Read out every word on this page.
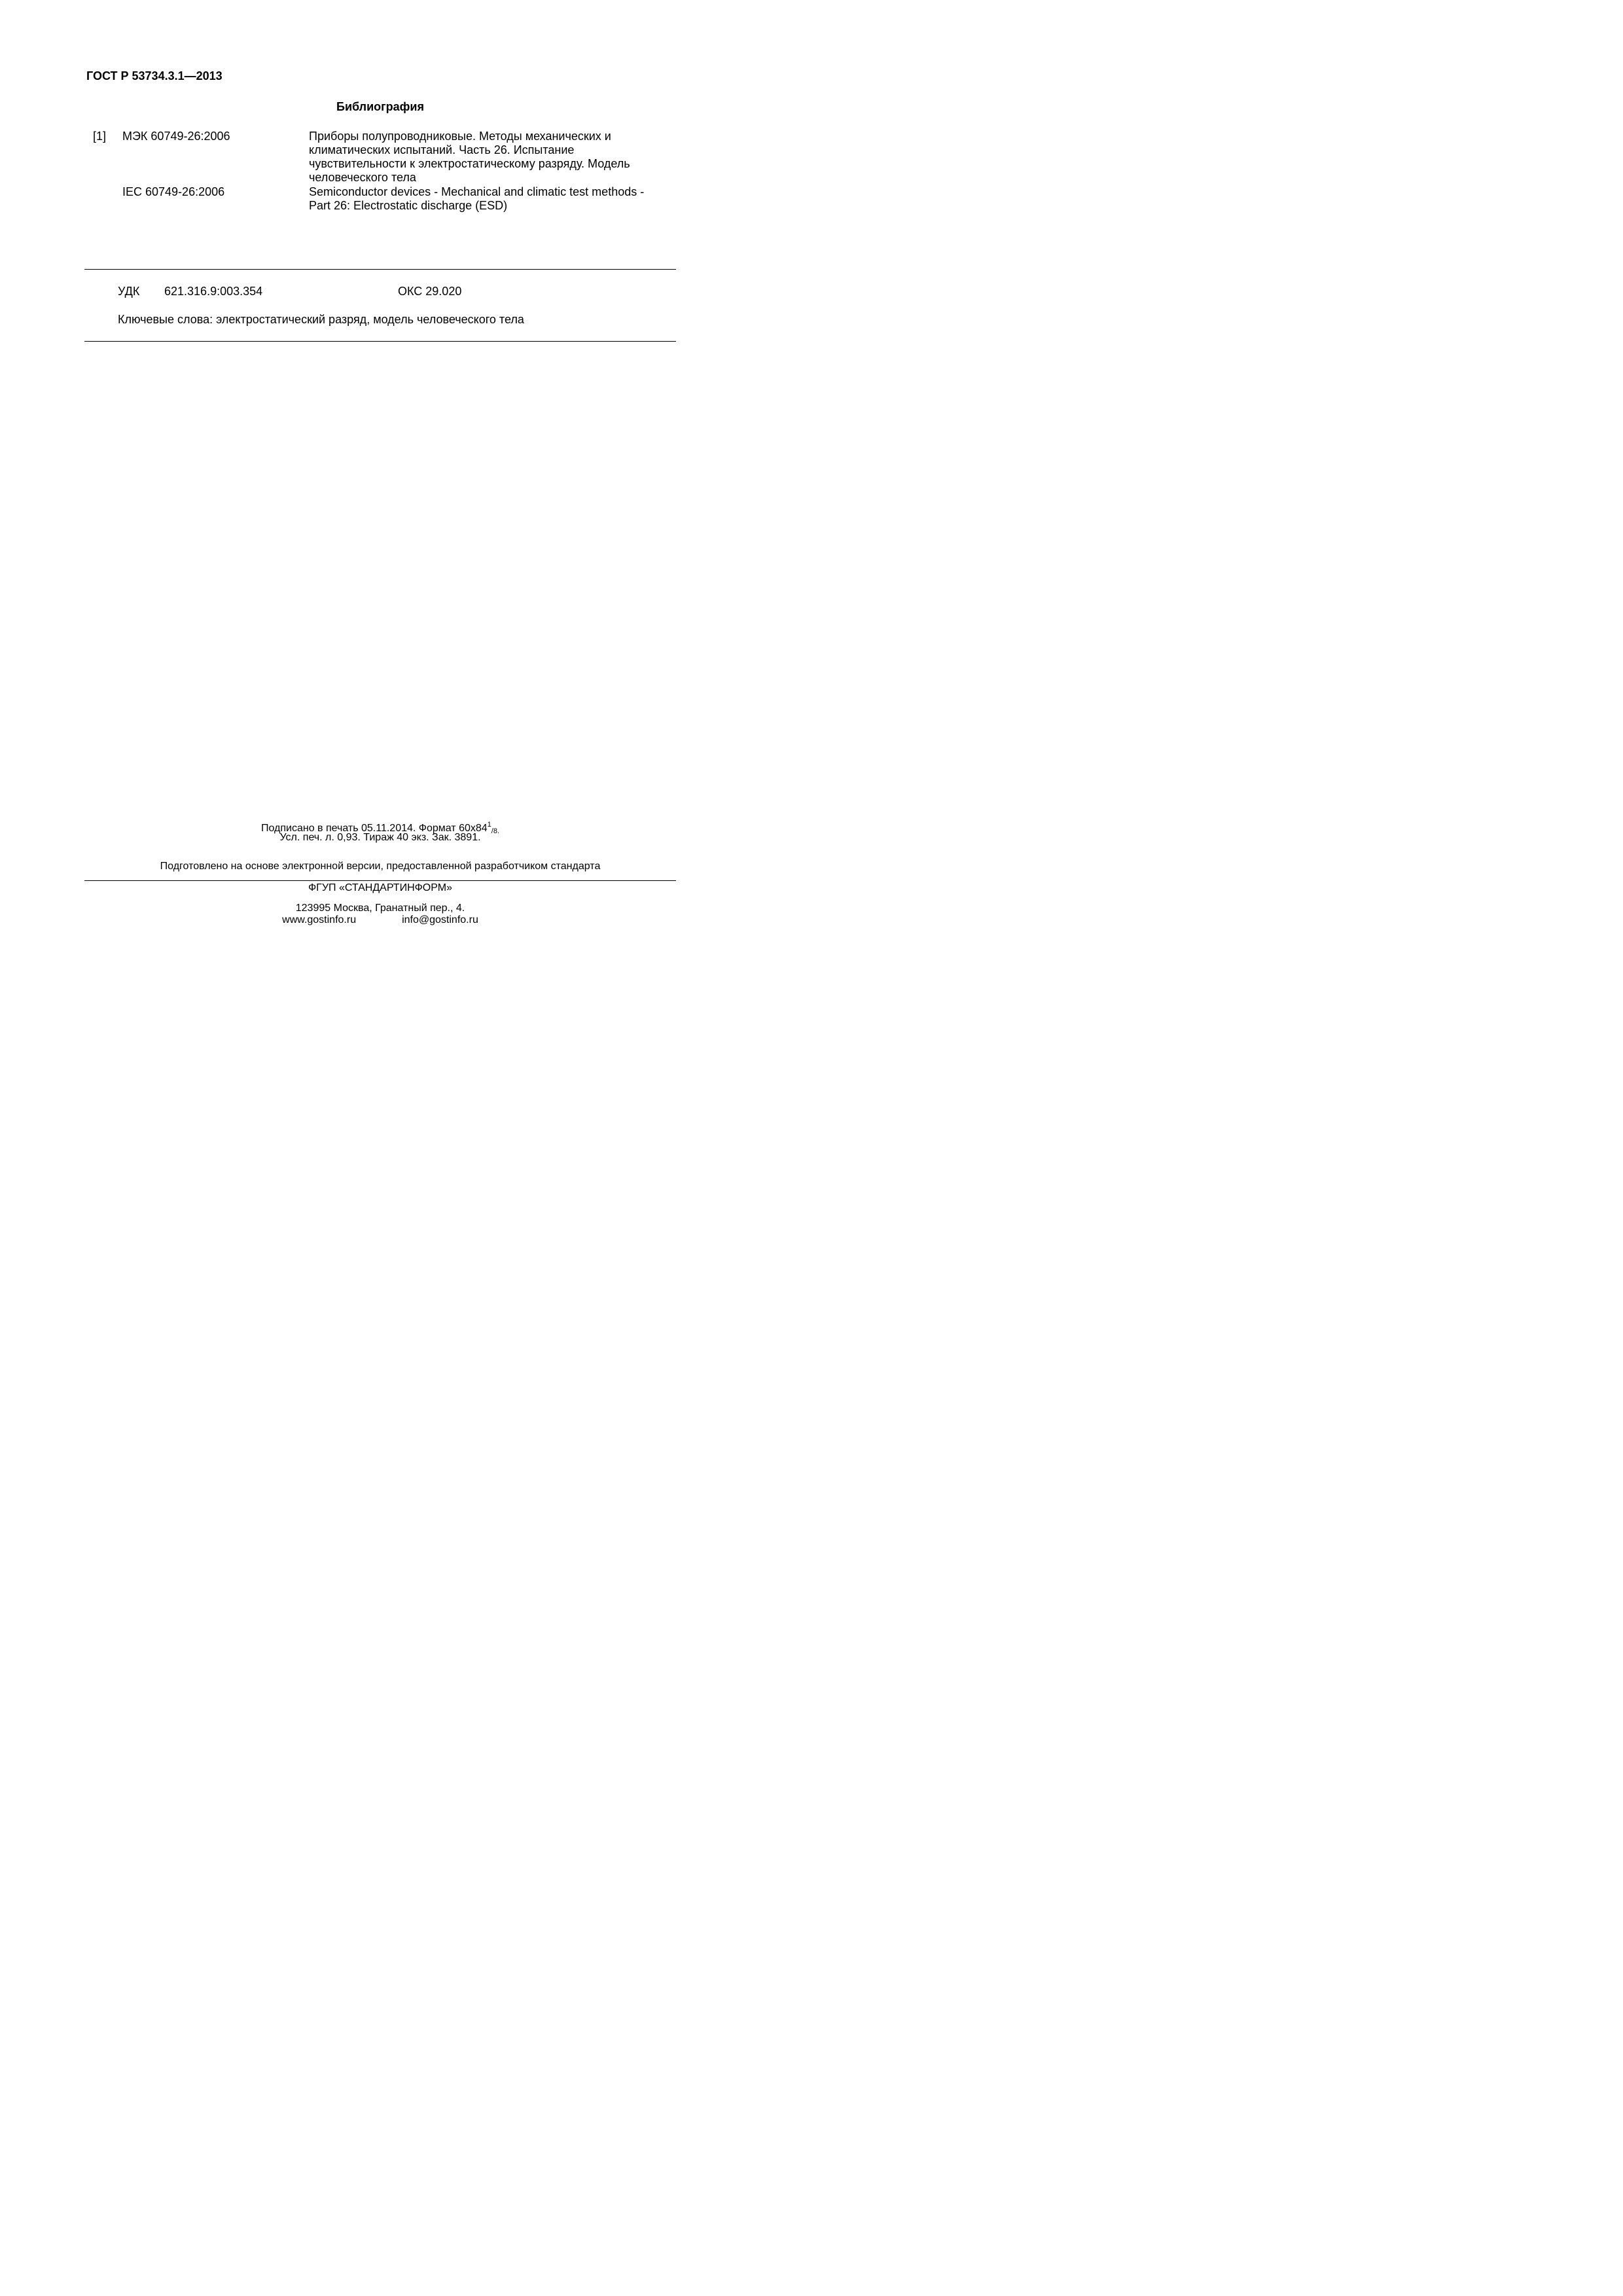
ГОСТ Р 53734.3.1—2013
Библиография
[1] МЭК 60749-26:2006	Приборы полупроводниковые. Методы механических и
климатических испытаний. Часть 26. Испытание
чувствительности к электростатическому разряду. Модель
человеческого тела
IEC 60749-26:2006	Semiconductor devices - Mechanical and climatic test methods -
Part 26: Electrostatic discharge (ESD)
УДК 621.316.9:003.354	ОКС 29.020
Ключевые слова: электростатический разряд, модель человеческого тела
Подписано в печать 05.11.2014. Формат $60x84^1_{/8.}$
Усл. печ. л. 0,93. Тираж 40 экз. Зак. 3891.
Подготовлено на основе электронной версии, предоставленной разработчиком стандарта
ФГУП «СТАНДАРТИНФОРМ»
123995 Москва, Гранатный пер., 4.
www.gostinfo.ru	info@gostinfo.ru
